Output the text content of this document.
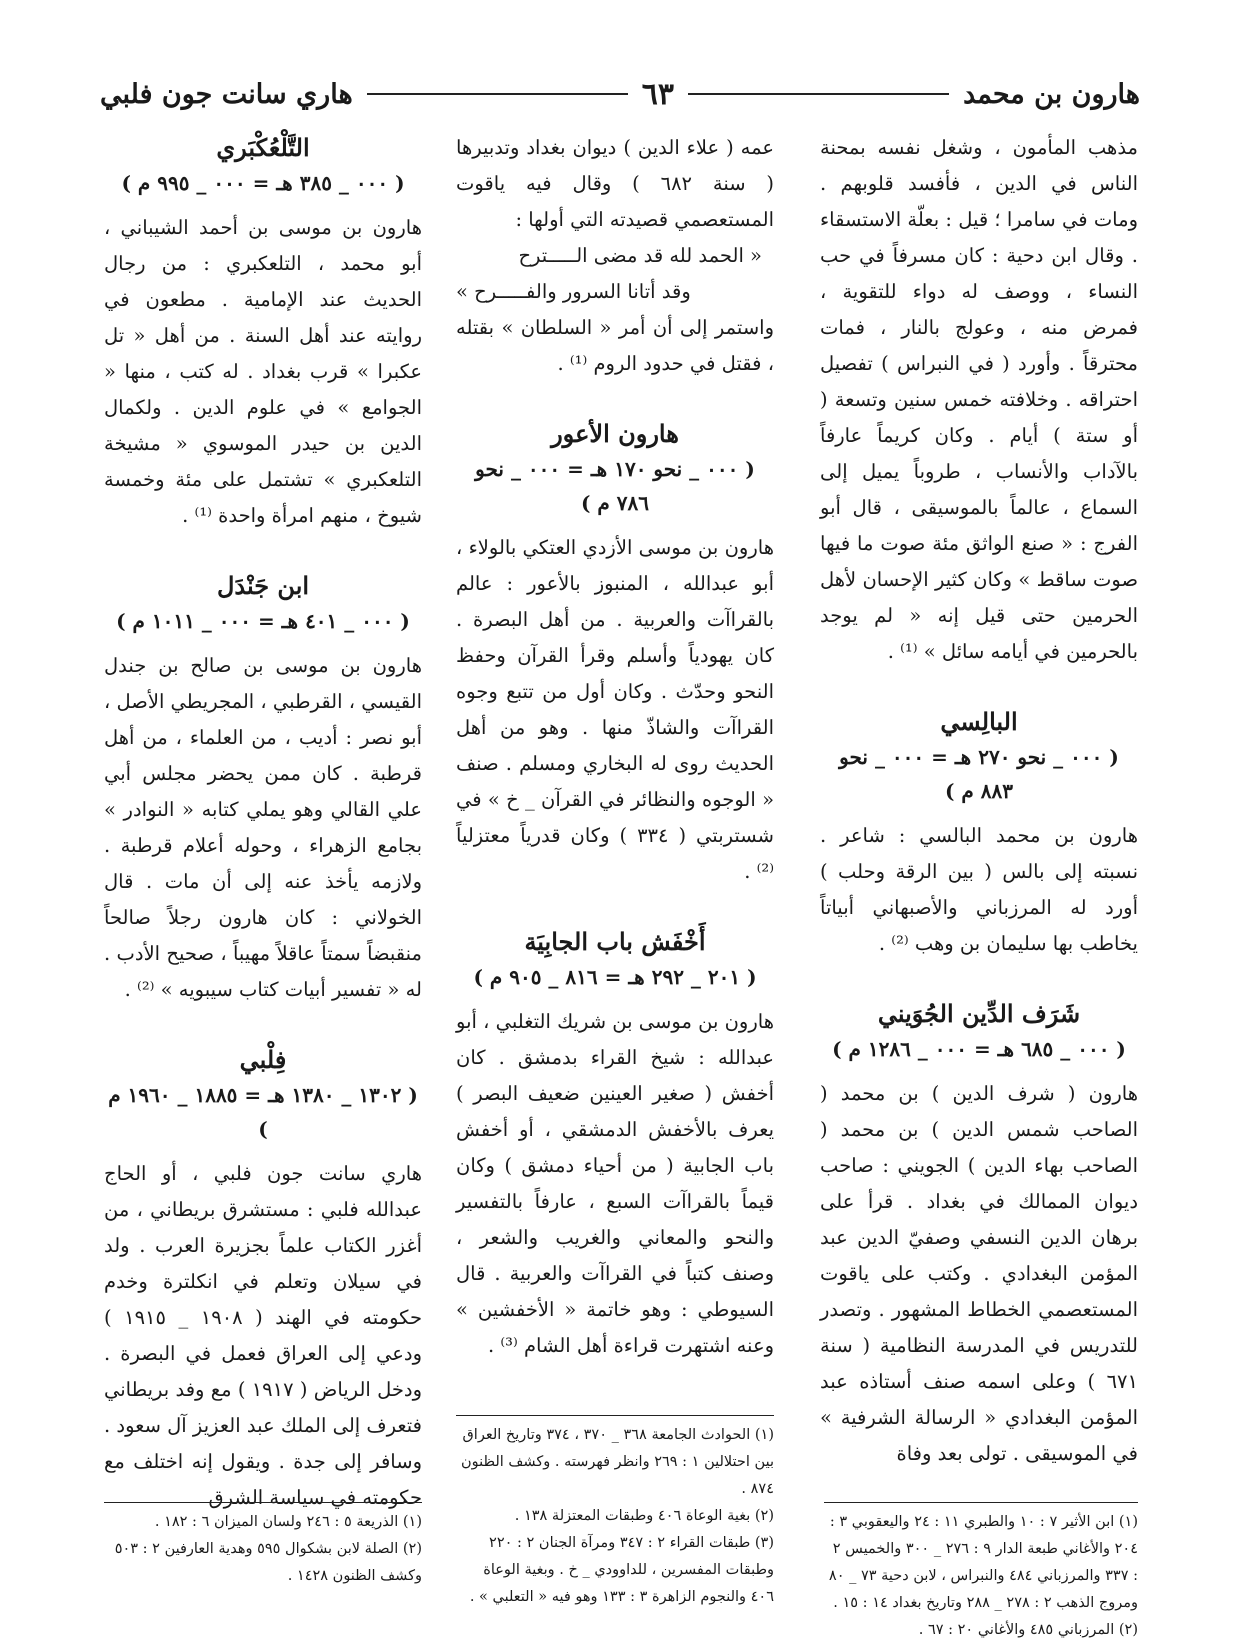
هارون بن محمد
٦٣
هاري سانت جون فلبي

مذهب المأمون ، وشغل نفسه بمحنة الناس في الدين ، فأفسد قلوبهم . ومات في سامرا ؛ قيل : بعلّة الاستسقاء . وقال ابن دحية : كان مسرفاً في حب النساء ، ووصف له دواء للتقوية ، فمرض منه ، وعولج بالنار ، فمات محترقاً . وأورد ( في النبراس ) تفصيل احتراقه . وخلافته خمس سنين وتسعة ( أو ستة ) أيام . وكان كريماً عارفاً بالآداب والأنساب ، طروباً يميل إلى السماع ، عالماً بالموسيقى ، قال أبو الفرج : « صنع الواثق مئة صوت ما فيها صوت ساقط » وكان كثير الإحسان لأهل الحرمين حتى قيل إنه « لم يوجد بالحرمين في أيامه سائل » ⁽¹⁾ .

البالِسي

( ٠٠٠ _ نحو ٢٧٠ هـ = ٠٠٠ _ نحو ٨٨٣ م )

هارون بن محمد البالسي : شاعر . نسبته إلى بالس ( بين الرقة وحلب ) أورد له المرزباني والأصبهاني أبياتاً يخاطب بها سليمان بن وهب ⁽²⁾ .

شَرَف الدِّين الجُوَيني

( ٠٠٠ _ ٦٨٥ هـ = ٠٠٠ _ ١٢٨٦ م )

هارون ( شرف الدين ) بن محمد ( الصاحب شمس الدين ) بن محمد ( الصاحب بهاء الدين ) الجويني : صاحب ديوان الممالك في بغداد . قرأ على برهان الدين النسفي وصفيّ الدين عبد المؤمن البغدادي . وكتب على ياقوت المستعصمي الخطاط المشهور . وتصدر للتدريس في المدرسة النظامية ( سنة ٦٧١ ) وعلى اسمه صنف أستاذه عبد المؤمن البغدادي « الرسالة الشرفية » في الموسيقى . تولى بعد وفاة

عمه ( علاء الدين ) ديوان بغداد وتدبيرها ( سنة ٦٨٢ ) وقال فيه ياقوت المستعصمي قصيدته التي أولها :

« الحمد لله قد مضى الـــــترح

وقد أتانا السرور والفـــــرح »

واستمر إلى أن أمر « السلطان » بقتله ، فقتل في حدود الروم ⁽¹⁾ .

هارون الأعور

( ٠٠٠ _ نحو ١٧٠ هـ = ٠٠٠ _ نحو ٧٨٦ م )

هارون بن موسى الأزدي العتكي بالولاء ، أبو عبدالله ، المنبوز بالأعور : عالم بالقراآت والعربية . من أهل البصرة . كان يهودياً وأسلم وقرأ القرآن وحفظ النحو وحدّث . وكان أول من تتبع وجوه القراآت والشاذّ منها . وهو من أهل الحديث روى له البخاري ومسلم . صنف « الوجوه والنظائر في القرآن _ خ » في شستربتي ( ٣٣٤ ) وكان قدرياً معتزلياً ⁽²⁾ .

أَخْفَش باب الجابِيَة

( ٢٠١ _ ٢٩٢ هـ = ٨١٦ _ ٩٠٥ م )

هارون بن موسى بن شريك التغلبي ، أبو عبدالله : شيخ القراء بدمشق . كان أخفش ( صغير العينين ضعيف البصر ) يعرف بالأخفش الدمشقي ، أو أخفش باب الجابية ( من أحياء دمشق ) وكان قيماً بالقراآت السبع ، عارفاً بالتفسير والنحو والمعاني والغريب والشعر ، وصنف كتباً في القراآت والعربية . قال السيوطي : وهو خاتمة « الأخفشين » وعنه اشتهرت قراءة أهل الشام ⁽³⁾ .

التَّلْعُكْبَري

( ٠٠٠ _ ٣٨٥ هـ = ٠٠٠ _ ٩٩٥ م )

هارون بن موسى بن أحمد الشيباني ، أبو محمد ، التلعكبري : من رجال الحديث عند الإمامية . مطعون في روايته عند أهل السنة . من أهل « تل عكبرا » قرب بغداد . له كتب ، منها « الجوامع » في علوم الدين . ولكمال الدين بن حيدر الموسوي « مشيخة التلعكبري » تشتمل على مئة وخمسة شيوخ ، منهم امرأة واحدة ⁽¹⁾ .

ابن جَنْدَل

( ٠٠٠ _ ٤٠١ هـ = ٠٠٠ _ ١٠١١ م )

هارون بن موسى بن صالح بن جندل القيسي ، القرطبي ، المجريطي الأصل ، أبو نصر : أديب ، من العلماء ، من أهل قرطبة . كان ممن يحضر مجلس أبي علي القالي وهو يملي كتابه « النوادر » بجامع الزهراء ، وحوله أعلام قرطبة . ولازمه يأخذ عنه إلى أن مات . قال الخولاني : كان هارون رجلاً صالحاً منقبضاً سمتاً عاقلاً مهيباً ، صحيح الأدب . له « تفسير أبيات كتاب سيبويه » ⁽²⁾ .

فِلْبي

( ١٣٠٢ _ ١٣٨٠ هـ = ١٨٨٥ _ ١٩٦٠ م )

هاري سانت جون فلبي ، أو الحاج عبدالله فلبي : مستشرق بريطاني ، من أغزر الكتاب علماً بجزيرة العرب . ولد في سيلان وتعلم في انكلترة وخدم حكومته في الهند ( ١٩٠٨ _ ١٩١٥ ) ودعي إلى العراق فعمل في البصرة . ودخل الرياض ( ١٩١٧ ) مع وفد بريطاني فتعرف إلى الملك عبد العزيز آل سعود . وسافر إلى جدة . ويقول إنه اختلف مع حكومته في سياسة الشرق

(١) ابن الأثير ٧ : ١٠ والطبري ١١ : ٢٤ واليعقوبي ٣ : ٢٠٤ والأغاني طبعة الدار ٩ : ٢٧٦ _ ٣٠٠ والخميس ٢ : ٣٣٧ والمرزباني ٤٨٤ والنبراس ، لابن دحية ٧٣ _ ٨٠ ومروج الذهب ٢ : ٢٧٨ _ ٢٨٨ وتاريخ بغداد ١٤ : ١٥ .

(٢) المرزباني ٤٨٥ والأغاني ٢٠ : ٦٧ .

(١) الحوادث الجامعة ٣٦٨ _ ٣٧٠ ، ٣٧٤ وتاريخ العراق بين احتلالين ١ : ٢٦٩ وانظر فهرسته . وكشف الظنون ٨٧٤ .

(٢) بغية الوعاة ٤٠٦ وطبقات المعتزلة ١٣٨ .

(٣) طبقات القراء ٢ : ٣٤٧ ومرآة الجنان ٢ : ٢٢٠ وطبقات المفسرين ، للداوودي _ خ . وبغية الوعاة ٤٠٦ والنجوم الزاهرة ٣ : ١٣٣ وهو فيه « التعلبي » .

(١) الذريعة ٥ : ٢٤٦ ولسان الميزان ٦ : ١٨٢ .

(٢) الصلة لابن بشكوال ٥٩٥ وهدية العارفين ٢ : ٥٠٣ وكشف الظنون ١٤٢٨ .
